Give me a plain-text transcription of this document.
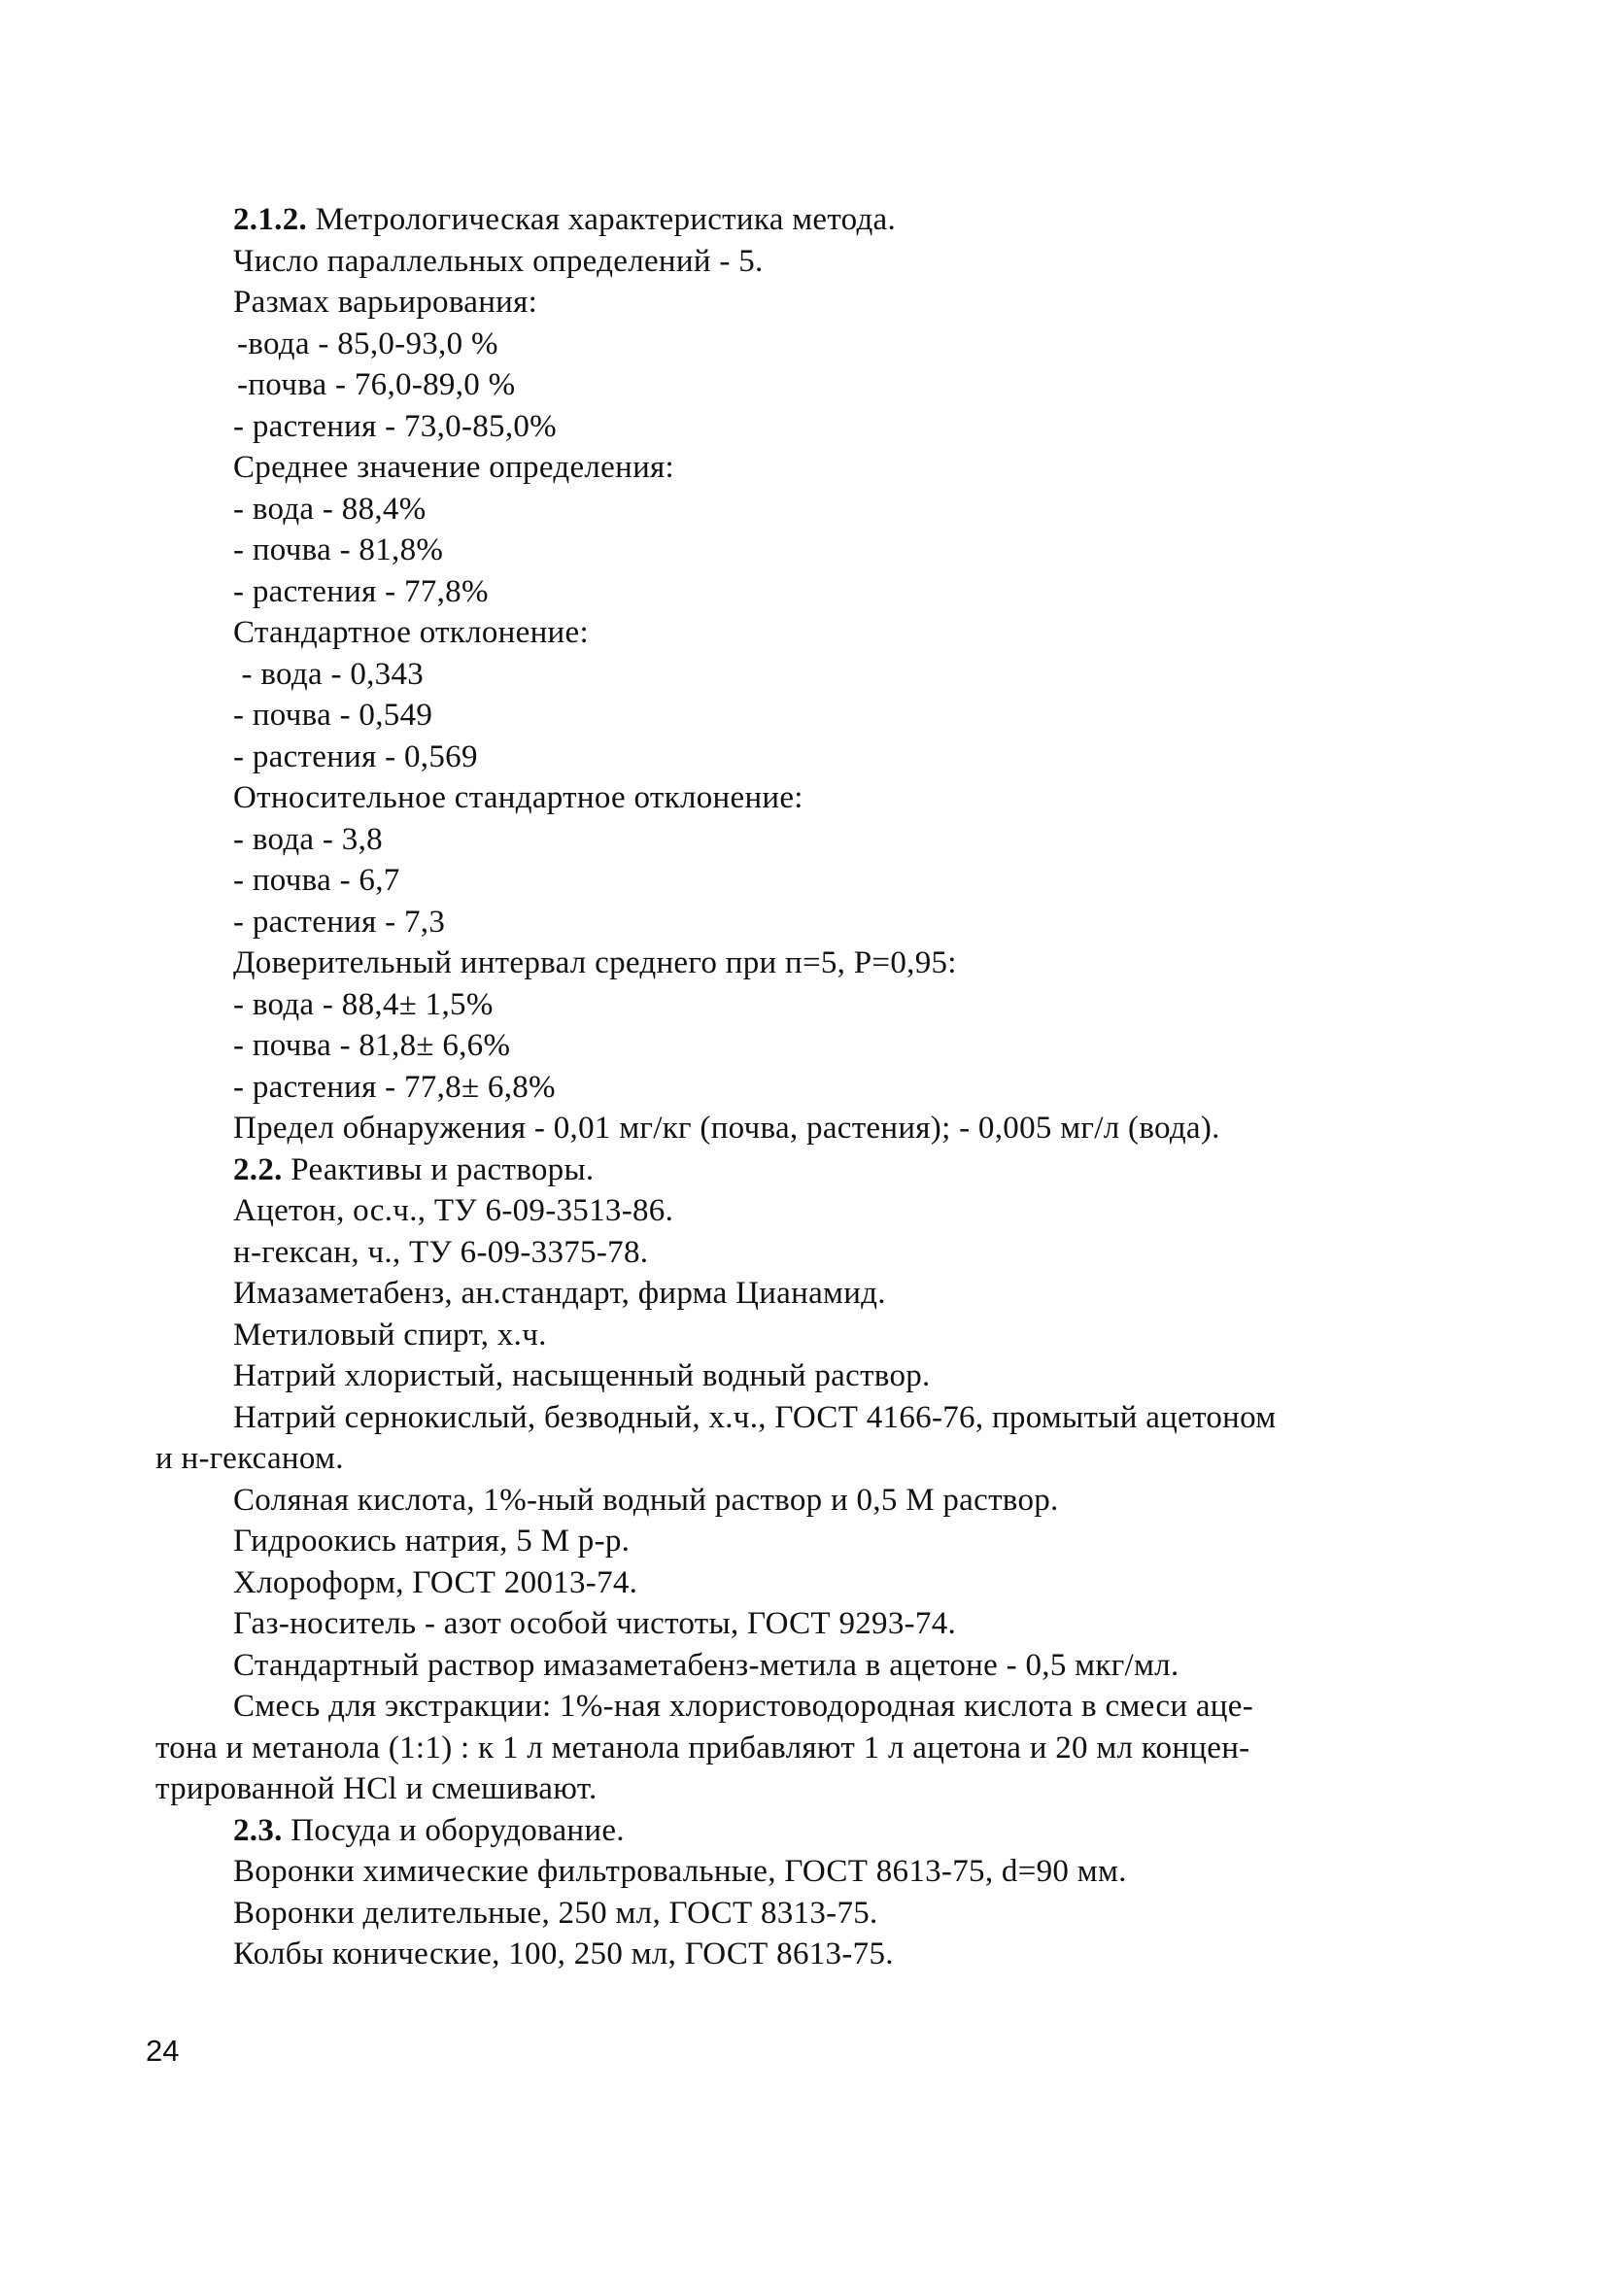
2.1.2. Метрологическая характеристика метода.
Число параллельных определений - 5.
Размах варьирования:
-вода - 85,0-93,0 %
-почва - 76,0-89,0 %
- растения - 73,0-85,0%
Среднее значение определения:
- вода - 88,4%
- почва - 81,8%
- растения - 77,8%
Стандартное отклонение:
- вода - 0,343
- почва - 0,549
- растения - 0,569
Относительное стандартное отклонение:
- вода - 3,8
- почва - 6,7
- растения - 7,3
Доверительный интервал среднего при п=5, Р=0,95:
- вода - 88,4± 1,5%
- почва - 81,8± 6,6%
- растения - 77,8± 6,8%
Предел обнаружения - 0,01 мг/кг (почва, растения); - 0,005 мг/л (вода).
2.2. Реактивы и растворы.
Ацетон, ос.ч., ТУ 6-09-3513-86.
н-гексан, ч., ТУ 6-09-3375-78.
Имазаметабенз, ан.стандарт, фирма Цианамид.
Метиловый спирт, х.ч.
Натрий хлористый, насыщенный водный раствор.
Натрий сернокислый, безводный, х.ч., ГОСТ 4166-76, промытый ацетоном
и н-гексаном.
Соляная кислота, 1%-ный водный раствор и 0,5 М раствор.
Гидроокись натрия, 5 М р-р.
Хлороформ, ГОСТ 20013-74.
Газ-носитель - азот особой чистоты, ГОСТ 9293-74.
Стандартный раствор имазаметабенз-метила в ацетоне - 0,5 мкг/мл.
Смесь для экстракции: 1%-ная хлористоводородная кислота в смеси аце-
тона и метанола (1:1) : к 1 л метанола прибавляют 1 л ацетона и 20 мл концен-
трированной HCl и смешивают.
2.3. Посуда и оборудование.
Воронки химические фильтровальные, ГОСТ 8613-75, d=90 мм.
Воронки делительные, 250 мл, ГОСТ 8313-75.
Колбы конические, 100, 250 мл, ГОСТ 8613-75.
24
